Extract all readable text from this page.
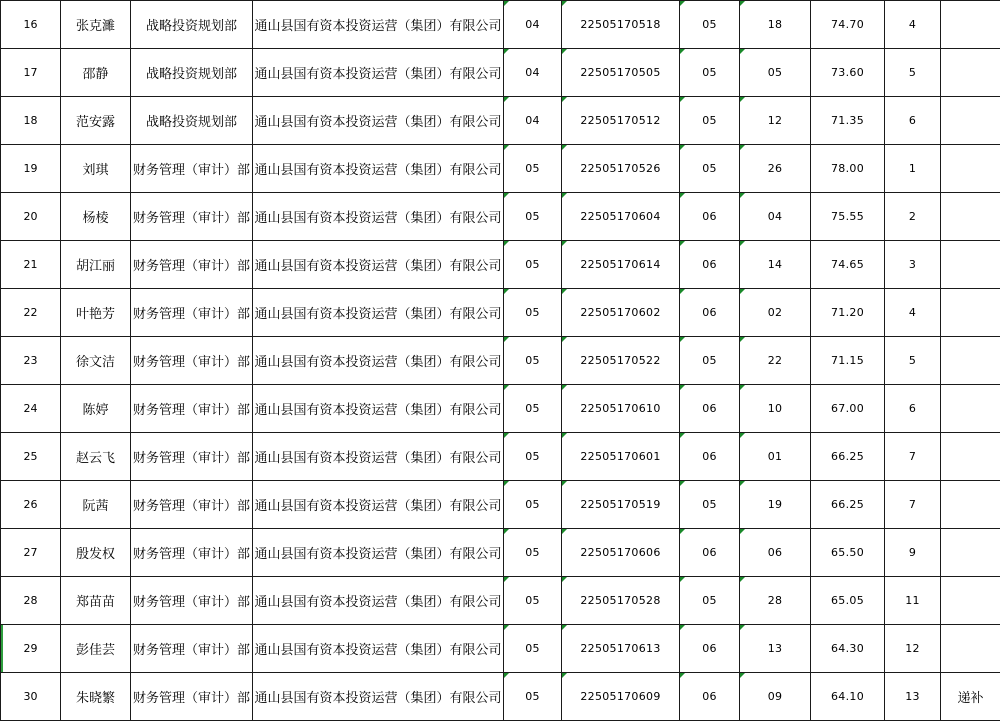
16	张克濉	战略投资规划部	通山县国有资本投资运营（集团）有限公司	04	22505170518	05	18	74.70	4	
17	邵静	战略投资规划部	通山县国有资本投资运营（集团）有限公司	04	22505170505	05	05	73.60	5	
18	范安露	战略投资规划部	通山县国有资本投资运营（集团）有限公司	04	22505170512	05	12	71.35	6	
19	刘琪	财务管理（审计）部	通山县国有资本投资运营（集团）有限公司	05	22505170526	05	26	78.00	1	
20	杨棱	财务管理（审计）部	通山县国有资本投资运营（集团）有限公司	05	22505170604	06	04	75.55	2	
21	胡江丽	财务管理（审计）部	通山县国有资本投资运营（集团）有限公司	05	22505170614	06	14	74.65	3	
22	叶艳芳	财务管理（审计）部	通山县国有资本投资运营（集团）有限公司	05	22505170602	06	02	71.20	4	
23	徐文洁	财务管理（审计）部	通山县国有资本投资运营（集团）有限公司	05	22505170522	05	22	71.15	5	
24	陈婷	财务管理（审计）部	通山县国有资本投资运营（集团）有限公司	05	22505170610	06	10	67.00	6	
25	赵云飞	财务管理（审计）部	通山县国有资本投资运营（集团）有限公司	05	22505170601	06	01	66.25	7	
26	阮茜	财务管理（审计）部	通山县国有资本投资运营（集团）有限公司	05	22505170519	05	19	66.25	7	
27	殷发权	财务管理（审计）部	通山县国有资本投资运营（集团）有限公司	05	22505170606	06	06	65.50	9	
28	郑苗苗	财务管理（审计）部	通山县国有资本投资运营（集团）有限公司	05	22505170528	05	28	65.05	11	
29	彭佳芸	财务管理（审计）部	通山县国有资本投资运营（集团）有限公司	05	22505170613	06	13	64.30	12	
30	朱晓繁	财务管理（审计）部	通山县国有资本投资运营（集团）有限公司	05	22505170609	06	09	64.10	13	递补
